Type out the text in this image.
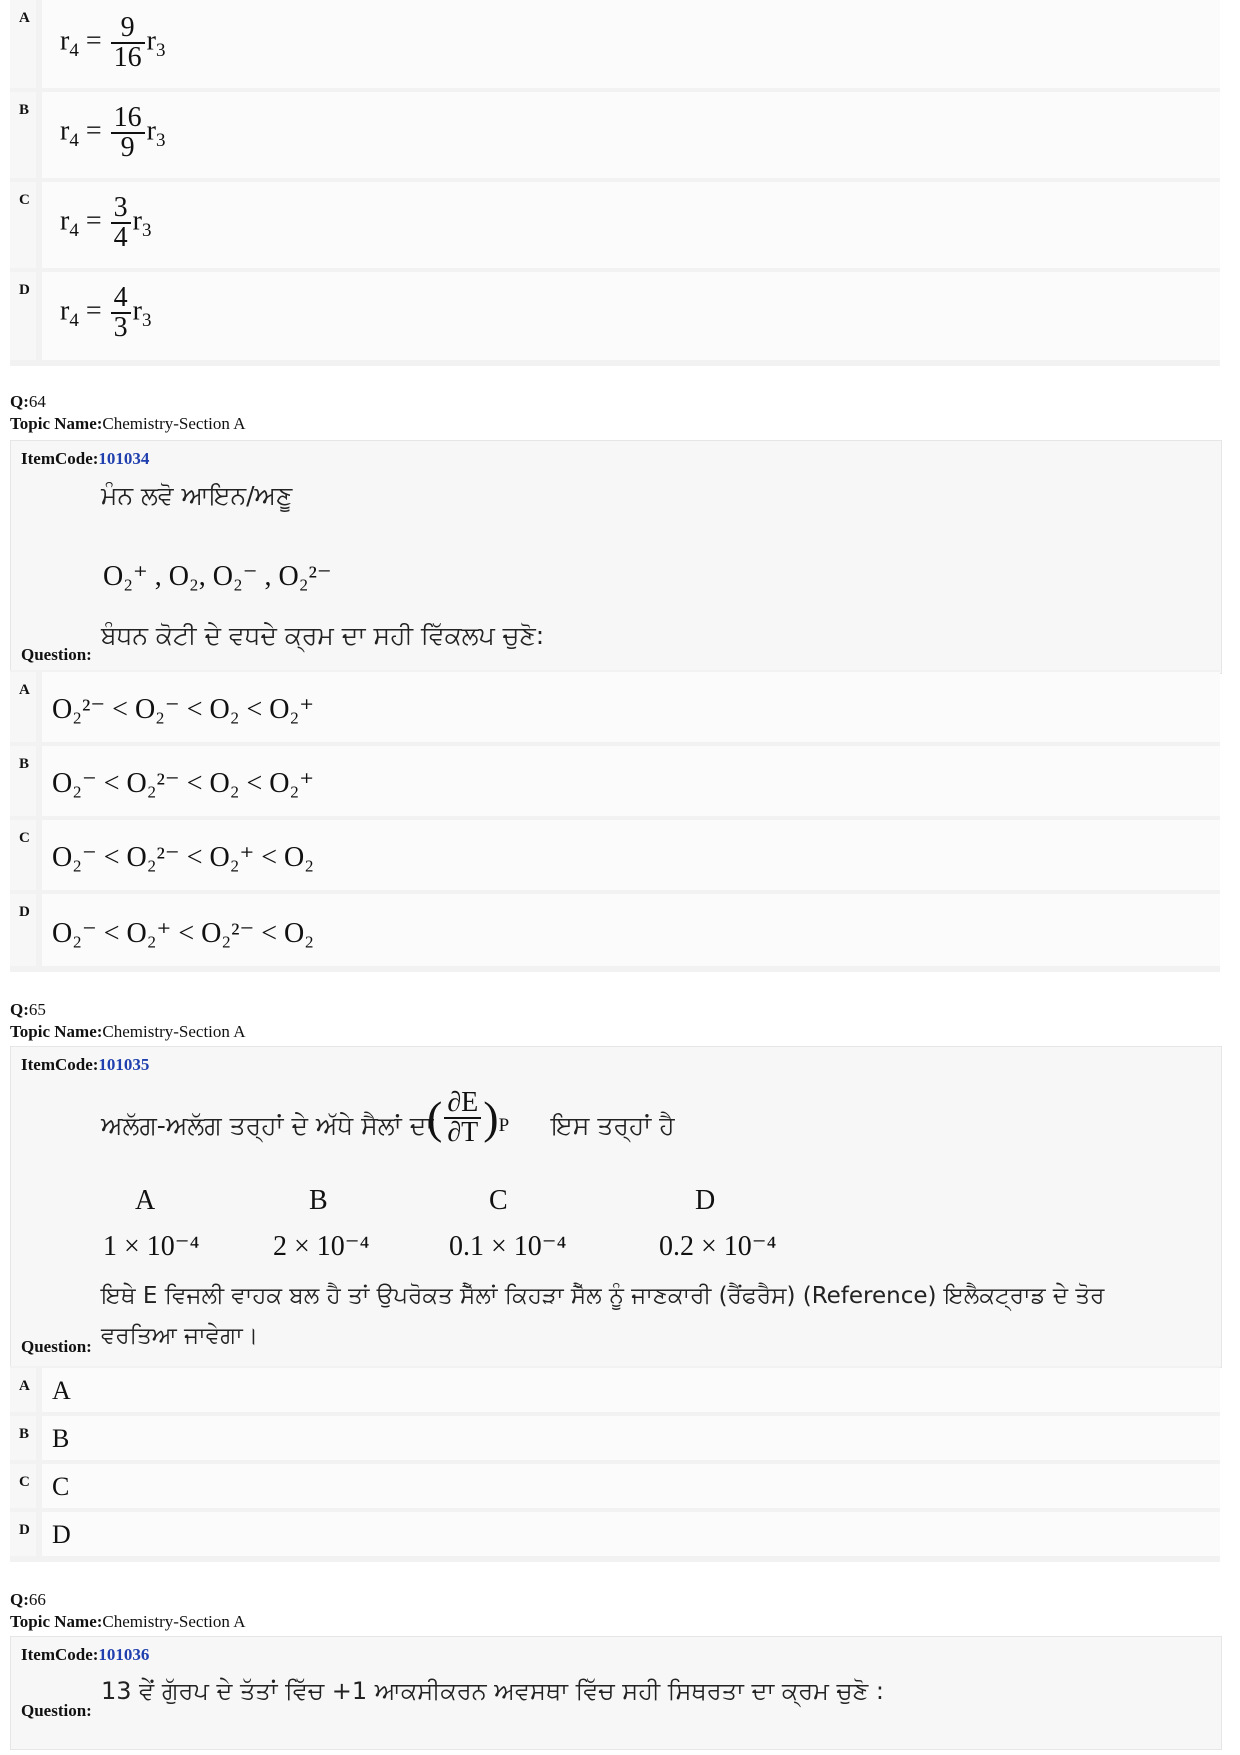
A
$r_4 = \frac{9}{16} r_3$
B
$r_4 = \frac{16}{9} r_3$
C
$r_4 = \frac{3}{4} r_3$
D
$r_4 = \frac{4}{3} r_3$
Q:64
Topic Name:Chemistry-Section A
ItemCode:101034
ਮੰਨ ਲਵੋ ਆਇਨ/ਅਣੂ
O₂⁺ , O₂, O₂⁻ , O₂²⁻
Question:
ਬੰਧਨ ਕੋਟੀ ਦੇ ਵਧਦੇ ਕ੍ਰਮ ਦਾ ਸਹੀ ਵਿੱਕਲਪ ਚੁਣੋ:
A
O₂²⁻ < O₂⁻ < O₂ < O₂⁺
B
O₂⁻ < O₂²⁻ < O₂ < O₂⁺
C
O₂⁻ < O₂²⁻ < O₂⁺ < O₂
D
O₂⁻ < O₂⁺ < O₂²⁻ < O₂
Q:65
Topic Name:Chemistry-Section A
ItemCode:101035
ਅਲੱਗ-ਅਲੱਗ ਤਰ੍ਹਾਂ ਦੇ ਅੱਧੇ ਸੈਲਾਂ ਦਾ
( $\frac{\partial E}{\partial T} )_P$ ਇਸ ਤਰ੍ਹਾਂ ਹੈ
A	B	C	D
1 × 10⁻⁴	2 × 10⁻⁴	0.1 × 10⁻⁴	0.2 × 10⁻⁴
ਇਥੇ E ਵਿਜਲੀ ਵਾਹਕ ਬਲ ਹੈ ਤਾਂ ਉਪਰੋਕਤ ਸੈੱਲਾਂ ਕਿਹੜਾ ਸੈੱਲ ਨੂੰ ਜਾਣਕਾਰੀ (ਰੈਂਫਰੈਸ) (Reference) ਇਲੈਕਟ੍ਰਾਡ ਦੇ ਤੋਰ
Question: ਵਰਤਿਆ ਜਾਵੇਗਾ।
A A
B B
C C
D D
Q:66
Topic Name:Chemistry-Section A
ItemCode:101036
Question:
13 ਵੇਂ ਗੁੱਰਪ ਦੇ ਤੱਤਾਂ ਵਿੱਚ +1 ਆਕਸੀਕਰਨ ਅਵਸਥਾ ਵਿੱਚ ਸਹੀ ਸਿਥਰਤਾ ਦਾ ਕ੍ਰਮ ਚੁਣੋ :
